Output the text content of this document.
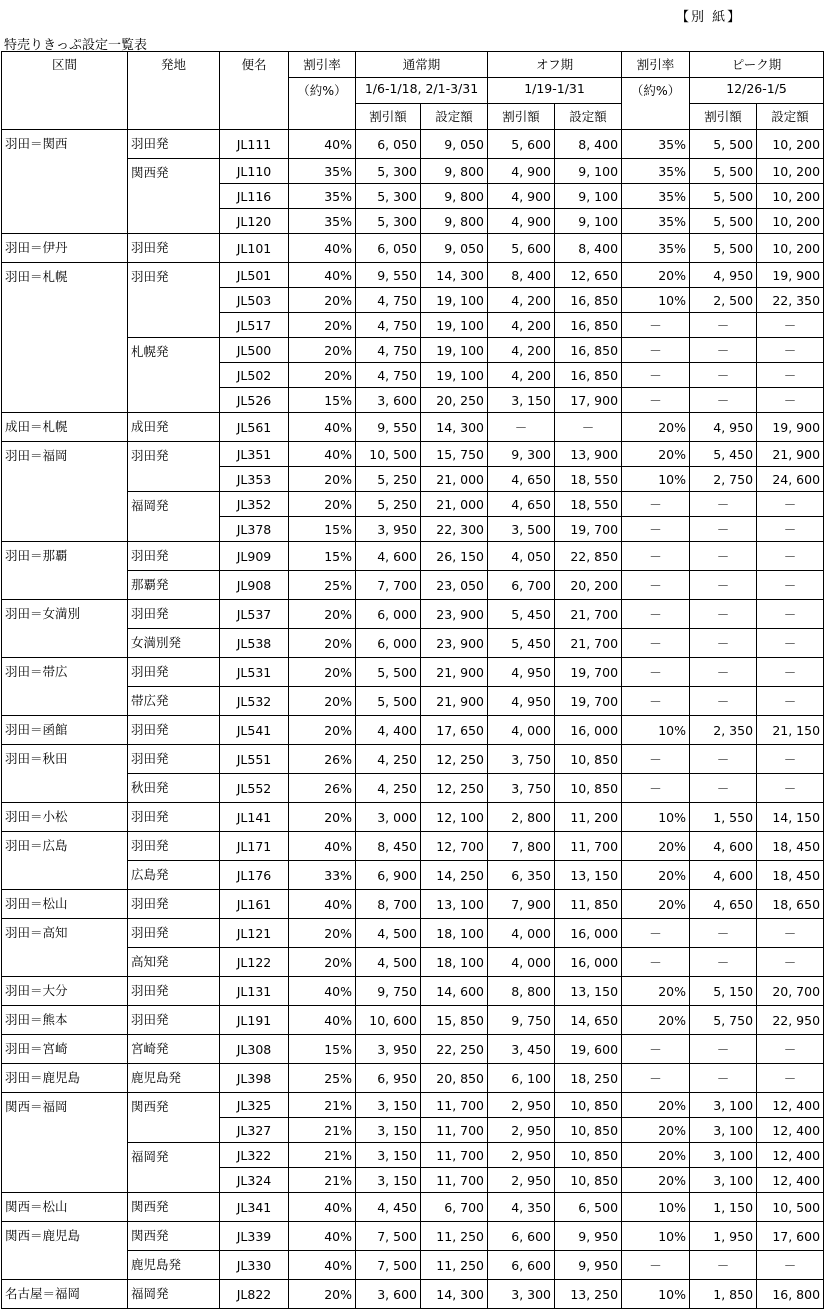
【別 紙】
特売りきっぷ設定一覧表
区間	発地	便名	割引率	通常期		オフ期		割引率	ピーク期	
			（約%）	1/6-1/18, 2/1-3/31		1/19-1/31		（約%）	12/26-1/5	
				割引額	設定額	割引額	設定額		割引額	設定額
羽田＝関西	羽田発	JL111	40%	6, 050	9, 050	5, 600	8, 400	35%	5, 500	10, 200
	関西発	JL110	35%	5, 300	9, 800	4, 900	9, 100	35%	5, 500	10, 200
		JL116	35%	5, 300	9, 800	4, 900	9, 100	35%	5, 500	10, 200
		JL120	35%	5, 300	9, 800	4, 900	9, 100	35%	5, 500	10, 200
羽田＝伊丹	羽田発	JL101	40%	6, 050	9, 050	5, 600	8, 400	35%	5, 500	10, 200
羽田＝札幌	羽田発	JL501	40%	9, 550	14, 300	8, 400	12, 650	20%	4, 950	19, 900
		JL503	20%	4, 750	19, 100	4, 200	16, 850	10%	2, 500	22, 350
		JL517	20%	4, 750	19, 100	4, 200	16, 850	－	－	－
	札幌発	JL500	20%	4, 750	19, 100	4, 200	16, 850	－	－	－
		JL502	20%	4, 750	19, 100	4, 200	16, 850	－	－	－
		JL526	15%	3, 600	20, 250	3, 150	17, 900	－	－	－
成田＝札幌	成田発	JL561	40%	9, 550	14, 300	－	－	20%	4, 950	19, 900
羽田＝福岡	羽田発	JL351	40%	10, 500	15, 750	9, 300	13, 900	20%	5, 450	21, 900
		JL353	20%	5, 250	21, 000	4, 650	18, 550	10%	2, 750	24, 600
	福岡発	JL352	20%	5, 250	21, 000	4, 650	18, 550	－	－	－
		JL378	15%	3, 950	22, 300	3, 500	19, 700	－	－	－
羽田＝那覇	羽田発	JL909	15%	4, 600	26, 150	4, 050	22, 850	－	－	－
	那覇発	JL908	25%	7, 700	23, 050	6, 700	20, 200	－	－	－
羽田＝女満別	羽田発	JL537	20%	6, 000	23, 900	5, 450	21, 700	－	－	－
	女満別発	JL538	20%	6, 000	23, 900	5, 450	21, 700	－	－	－
羽田＝帯広	羽田発	JL531	20%	5, 500	21, 900	4, 950	19, 700	－	－	－
	帯広発	JL532	20%	5, 500	21, 900	4, 950	19, 700	－	－	－
羽田＝函館	羽田発	JL541	20%	4, 400	17, 650	4, 000	16, 000	10%	2, 350	21, 150
羽田＝秋田	羽田発	JL551	26%	4, 250	12, 250	3, 750	10, 850	－	－	－
	秋田発	JL552	26%	4, 250	12, 250	3, 750	10, 850	－	－	－
羽田＝小松	羽田発	JL141	20%	3, 000	12, 100	2, 800	11, 200	10%	1, 550	14, 150
羽田＝広島	羽田発	JL171	40%	8, 450	12, 700	7, 800	11, 700	20%	4, 600	18, 450
	広島発	JL176	33%	6, 900	14, 250	6, 350	13, 150	20%	4, 600	18, 450
羽田＝松山	羽田発	JL161	40%	8, 700	13, 100	7, 900	11, 850	20%	4, 650	18, 650
羽田＝高知	羽田発	JL121	20%	4, 500	18, 100	4, 000	16, 000	－	－	－
	高知発	JL122	20%	4, 500	18, 100	4, 000	16, 000	－	－	－
羽田＝大分	羽田発	JL131	40%	9, 750	14, 600	8, 800	13, 150	20%	5, 150	20, 700
羽田＝熊本	羽田発	JL191	40%	10, 600	15, 850	9, 750	14, 650	20%	5, 750	22, 950
羽田＝宮崎	宮崎発	JL308	15%	3, 950	22, 250	3, 450	19, 600	－	－	－
羽田＝鹿児島	鹿児島発	JL398	25%	6, 950	20, 850	6, 100	18, 250	－	－	－
関西＝福岡	関西発	JL325	21%	3, 150	11, 700	2, 950	10, 850	20%	3, 100	12, 400
		JL327	21%	3, 150	11, 700	2, 950	10, 850	20%	3, 100	12, 400
	福岡発	JL322	21%	3, 150	11, 700	2, 950	10, 850	20%	3, 100	12, 400
		JL324	21%	3, 150	11, 700	2, 950	10, 850	20%	3, 100	12, 400
関西＝松山	関西発	JL341	40%	4, 450	6, 700	4, 350	6, 500	10%	1, 150	10, 500
関西＝鹿児島	関西発	JL339	40%	7, 500	11, 250	6, 600	9, 950	10%	1, 950	17, 600
	鹿児島発	JL330	40%	7, 500	11, 250	6, 600	9, 950	－	－	－
名古屋＝福岡	福岡発	JL822	20%	3, 600	14, 300	3, 300	13, 250	10%	1, 850	16, 800
